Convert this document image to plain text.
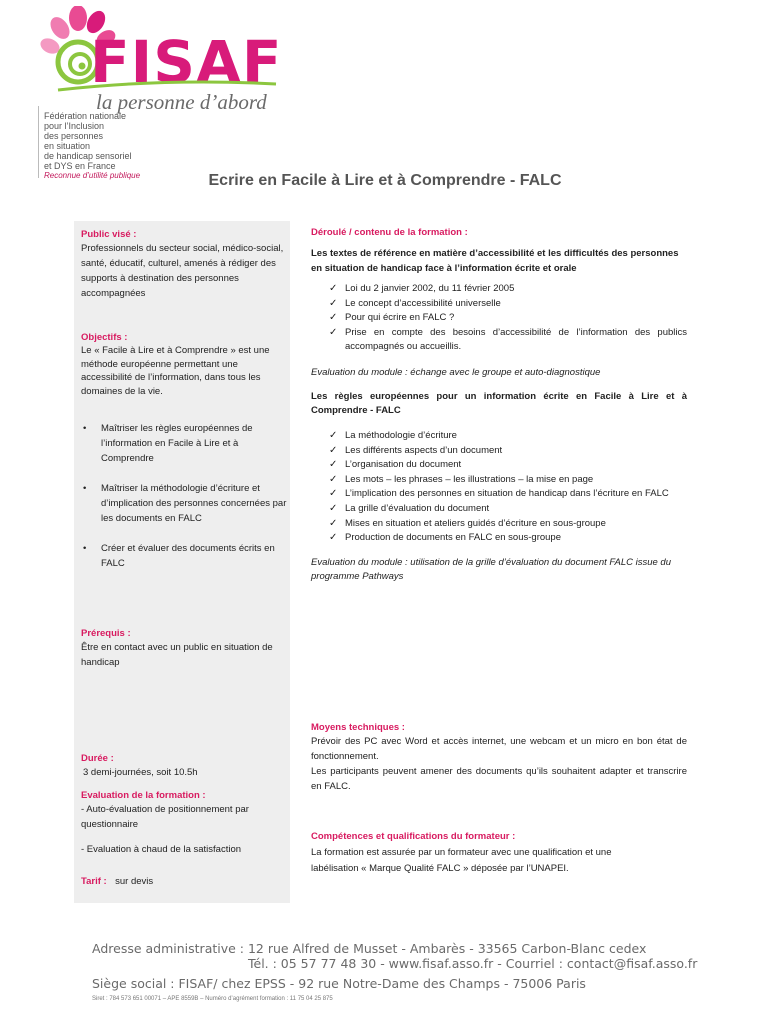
FISAF
la personne d’abord
Fédération nationale
pour l’Inclusion
des personnes
en situation
de handicap sensoriel
et DYS en France
Reconnue d’utilité publique	Ecrire en Facile à Lire et à Comprendre - FALC
Public visé :
Professionnels du secteur social, médico-social, santé, éducatif, culturel, amenés à rédiger des supports à destination des personnes accompagnées
Objectifs :
Le « Facile à Lire et à Comprendre » est une méthode européenne permettant une accessibilité de l’information, dans tous les domaines de la vie.
• Maîtriser les règles européennes de l’information en Facile à Lire et à Comprendre
• Maîtriser la méthodologie d’écriture et d’implication des personnes concernées par les documents en FALC
• Créer et évaluer des documents écrits en FALC
Prérequis :
Être en contact avec un public en situation de handicap
Durée :
3 demi-journées, soit 10.5h
Evaluation de la formation :
- Auto-évaluation de positionnement par questionnaire
- Evaluation à chaud de la satisfaction
Tarif : sur devis
Déroulé / contenu de la formation :
Les textes de référence en matière d’accessibilité et les difficultés des personnes en situation de handicap face à l’information écrite et orale
✓ Loi du 2 janvier 2002, du 11 février 2005
✓ Le concept d’accessibilité universelle
✓ Pour qui écrire en FALC ?
✓ Prise en compte des besoins d’accessibilité de l’information des publics accompagnés ou accueillis.
Evaluation du module : échange avec le groupe et auto-diagnostique
Les règles européennes pour un information écrite en Facile à Lire et à Comprendre - FALC
✓ La méthodologie d’écriture
✓ Les différents aspects d’un document
✓ L’organisation du document
✓ Les mots – les phrases – les illustrations – la mise en page
✓ L’implication des personnes en situation de handicap dans l’écriture en FALC
✓ La grille d’évaluation du document
✓ Mises en situation et ateliers guidés d’écriture en sous-groupe
✓ Production de documents en FALC en sous-groupe
Evaluation du module : utilisation de la grille d’évaluation du document FALC issue du programme Pathways
Moyens techniques :
Prévoir des PC avec Word et accès internet, une webcam et un micro en bon état de fonctionnement.
Les participants peuvent amener des documents qu’ils souhaitent adapter et transcrire en FALC.
Compétences et qualifications du formateur :
La formation est assurée par un formateur avec une qualification et une labélisation « Marque Qualité FALC » déposée par l’UNAPEI.
Adresse administrative : 12 rue Alfred de Musset - Ambarès - 33565 Carbon-Blanc cedex
Tél. : 05 57 77 48 30 - www.fisaf.asso.fr - Courriel : contact@fisaf.asso.fr
Siège social : FISAF/ chez EPSS - 92 rue Notre-Dame des Champs - 75006 Paris
Siret : 784 573 651 00071 – APE 8559B – Numéro d’agrément formation : 11 75 04 25 875
